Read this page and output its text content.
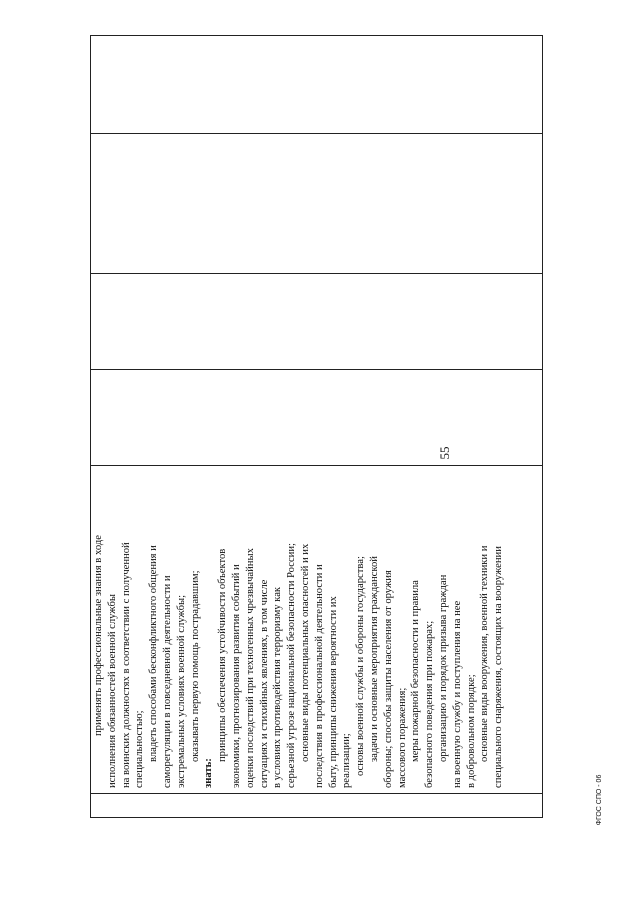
применять профессиональные знания в ходе исполнения обязанностей военной службы на воинских должностях в соответствии с полученной специальностью; владеть способами бесконфликтного общения и саморегуляции в повседневной деятельности и экстремальных условиях военной службы; оказывать первую помощь пострадавшим;
знать:
принципы обеспечения устойчивости объектов экономики, прогнозирования развития событий и оценки последствий при техногенных чрезвычайных ситуациях и стихийных явлениях, в том числе в условиях противодействия терроризму как серьезной угрозе национальной безопасности России; основные виды потенциальных опасностей и их последствия в профессиональной деятельности и быту, принципы снижения вероятности их реализации; основы военной службы и обороны государства; задачи и основные мероприятия гражданской обороны; способы защиты населения от оружия массового поражения; меры пожарной безопасности и правила безопасного поведения при пожарах; организацию и порядок призыва граждан на военную службу и поступления на нее в добровольном порядке; основные виды вооружения, военной техники и специального снаряжения, состоящих на вооружении
55
ФГОС СПО - 06
